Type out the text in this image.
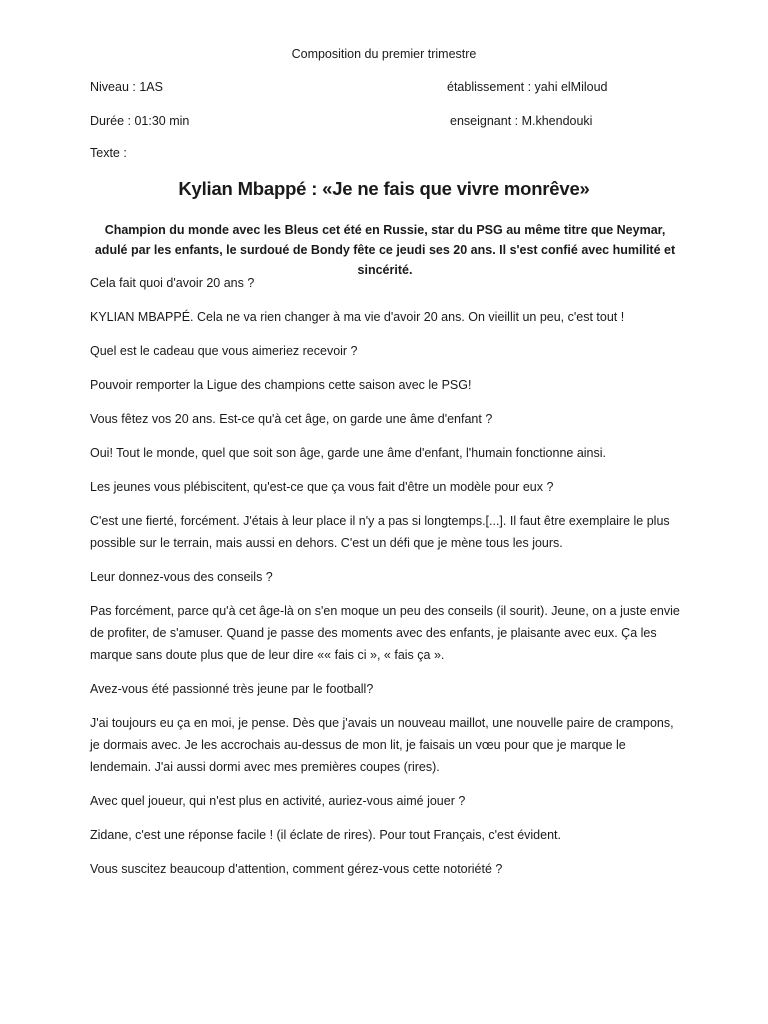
Composition du premier trimestre
Niveau : 1AS	établissement : yahi elMiloud
Durée : 01:30 min	enseignant : M.khendouki
Texte :
Kylian Mbappé : «Je ne fais que vivre monrêve»
Champion du monde avec les Bleus cet été en Russie, star du PSG au même titre que Neymar, adulé par les enfants, le surdoué de Bondy fête ce jeudi ses 20 ans. Il s'est confié avec humilité et sincérité.

Cela fait quoi d'avoir 20 ans ?

KYLIAN MBAPPÉ. Cela ne va rien changer à ma vie d'avoir 20 ans. On vieillit un peu, c'est tout !

Quel est le cadeau que vous aimeriez recevoir ?

Pouvoir remporter la Ligue des champions cette saison avec le PSG!

Vous fêtez vos 20 ans. Est-ce qu'à cet âge, on garde une âme d'enfant ?

Oui! Tout le monde, quel que soit son âge, garde une âme d'enfant, l'humain fonctionne ainsi.

Les jeunes vous plébiscitent, qu'est-ce que ça vous fait d'être un modèle pour eux ?

C'est une fierté, forcément. J'étais à leur place il n'y a pas si longtemps.[...]. Il faut être exemplaire le plus possible sur le terrain, mais aussi en dehors. C'est un défi que je mène tous les jours.

Leur donnez-vous des conseils ?

Pas forcément, parce qu'à cet âge-là on s'en moque un peu des conseils (il sourit). Jeune, on a juste envie de profiter, de s'amuser. Quand je passe des moments avec des enfants, je plaisante avec eux. Ça les marque sans doute plus que de leur dire «« fais ci », « fais ça ».

Avez-vous été passionné très jeune par le football?

J'ai toujours eu ça en moi, je pense. Dès que j'avais un nouveau maillot, une nouvelle paire de crampons, je dormais avec. Je les accrochais au-dessus de mon lit, je faisais un vœu pour que je marque le lendemain. J'ai aussi dormi avec mes premières coupes (rires).

Avec quel joueur, qui n'est plus en activité, auriez-vous aimé jouer ?

Zidane, c'est une réponse facile ! (il éclate de rires). Pour tout Français, c'est évident.

Vous suscitez beaucoup d'attention, comment gérez-vous cette notoriété ?
